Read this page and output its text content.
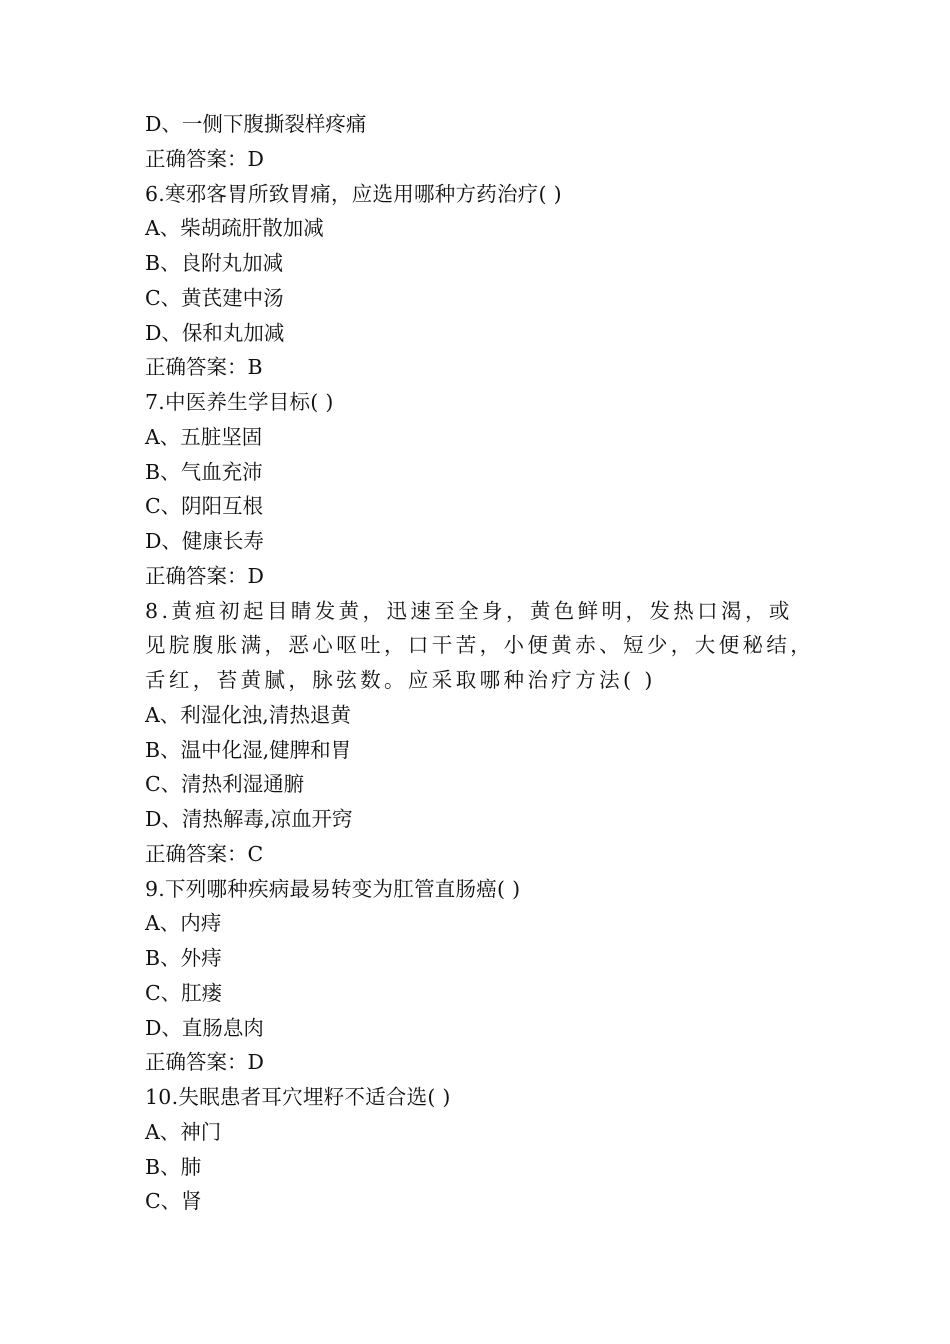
D、一侧下腹撕裂样疼痛
正确答案：D
6.寒邪客胃所致胃痛，应选用哪种方药治疗( )
A、柴胡疏肝散加减
B、良附丸加减
C、黄芪建中汤
D、保和丸加减
正确答案：B
7.中医养生学目标( )
A、五脏坚固
B、气血充沛
C、阴阳互根
D、健康长寿
正确答案：D
8.黄疸初起目睛发黄，迅速至全身，黄色鲜明，发热口渴，或见脘腹胀满，恶心呕吐，口干苦，小便黄赤、短少，大便秘结，舌红，苔黄腻，脉弦数。应采取哪种治疗方法( )
A、利湿化浊,清热退黄
B、温中化湿,健脾和胃
C、清热利湿通腑
D、清热解毒,凉血开窍
正确答案：C
9.下列哪种疾病最易转变为肛管直肠癌( )
A、内痔
B、外痔
C、肛瘘
D、直肠息肉
正确答案：D
10.失眠患者耳穴埋籽不适合选( )
A、神门
B、肺
C、肾
